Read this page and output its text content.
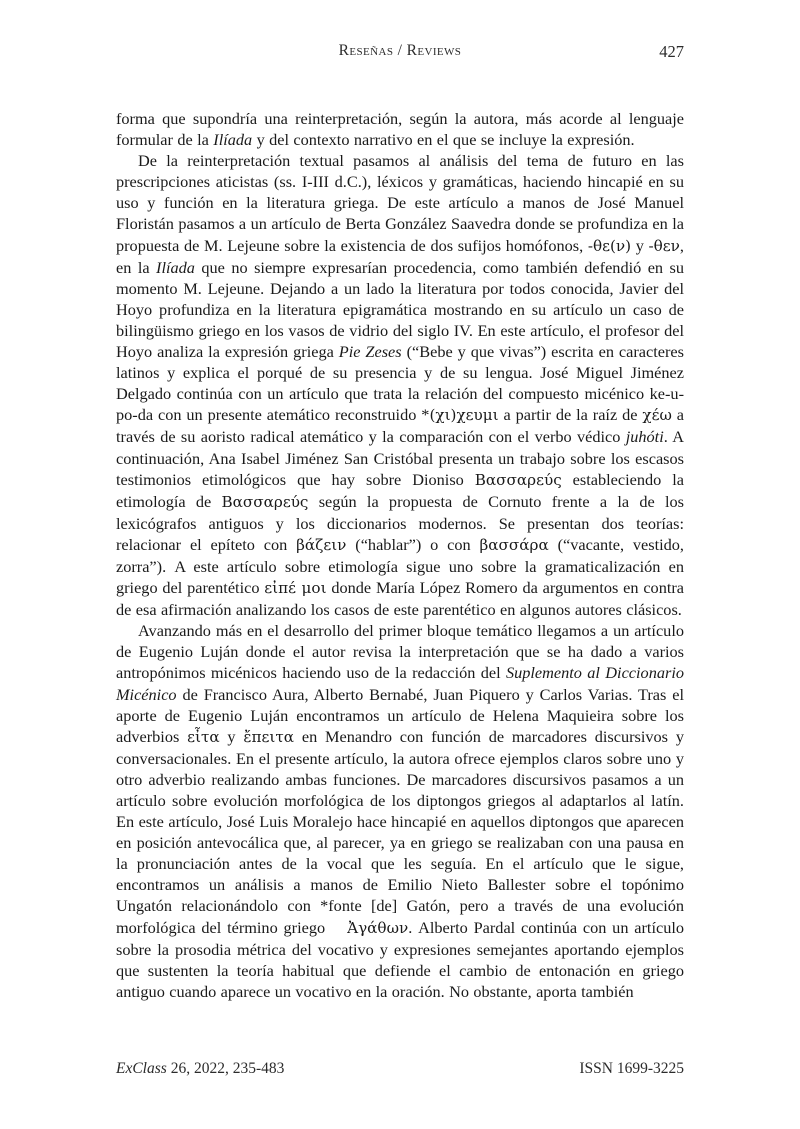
Reseñas / Reviews	427

forma que supondría una reinterpretación, según la autora, más acorde al lenguaje formular de la Ilíada y del contexto narrativo en el que se incluye la expresión.

De la reinterpretación textual pasamos al análisis del tema de futuro en las prescripciones aticistas (ss. I-III d.C.), léxicos y gramáticas, haciendo hincapié en su uso y función en la literatura griega. De este artículo a manos de José Manuel Floristán pasamos a un artículo de Berta González Saavedra donde se profundiza en la propuesta de M. Lejeune sobre la existencia de dos sufijos homófonos, -θε(ν) y -θεν, en la Ilíada que no siempre expresarían procedencia, como también defendió en su momento M. Lejeune. Dejando a un lado la literatura por todos conocida, Javier del Hoyo profundiza en la literatura epigramática mostrando en su artículo un caso de bilingüismo griego en los vasos de vidrio del siglo IV. En este artículo, el profesor del Hoyo analiza la expresión griega Pie Zeses (“Bebe y que vivas”) escrita en caracteres latinos y explica el porqué de su presencia y de su lengua. José Miguel Jiménez Delgado continúa con un artículo que trata la relación del compuesto micénico ke-u-po-da con un presente atemático reconstruido *(χι)χευμι a partir de la raíz de χέω a través de su aoristo radical atemático y la comparación con el verbo védico juhóti. A continuación, Ana Isabel Jiménez San Cristóbal presenta un trabajo sobre los escasos testimonios etimológicos que hay sobre Dioniso Βασσαρεύς estableciendo la etimología de Βασσαρεύς según la propuesta de Cornuto frente a la de los lexicógrafos antiguos y los diccionarios modernos. Se presentan dos teorías: relacionar el epíteto con βάζειν (“hablar”) o con βασσάρα (“vacante, vestido, zorra”). A este artículo sobre etimología sigue uno sobre la gramaticalización en griego del parentético εἰπέ μοι donde María López Romero da argumentos en contra de esa afirmación analizando los casos de este parentético en algunos autores clásicos.

Avanzando más en el desarrollo del primer bloque temático llegamos a un artículo de Eugenio Luján donde el autor revisa la interpretación que se ha dado a varios antropónimos micénicos haciendo uso de la redacción del Suplemento al Diccionario Micénico de Francisco Aura, Alberto Bernabé, Juan Piquero y Carlos Varias. Tras el aporte de Eugenio Luján encontramos un artículo de Helena Maquieira sobre los adverbios εἶτα y ἔπειτα en Menandro con función de marcadores discursivos y conversacionales. En el presente artículo, la autora ofrece ejemplos claros sobre uno y otro adverbio realizando ambas funciones. De marcadores discursivos pasamos a un artículo sobre evolución morfológica de los diptongos griegos al adaptarlos al latín. En este artículo, José Luis Moralejo hace hincapié en aquellos diptongos que aparecen en posición antevocálica que, al parecer, ya en griego se realizaban con una pausa en la pronunciación antes de la vocal que les seguía. En el artículo que le sigue, encontramos un análisis a manos de Emilio Nieto Ballester sobre el topónimo Ungatón relacionándolo con *fonte [de] Gatón, pero a través de una evolución morfológica del término griego Ἀγάθων. Alberto Pardal continúa con un artículo sobre la prosodia métrica del vocativo y expresiones semejantes aportando ejemplos que sustenten la teoría habitual que defiende el cambio de entonación en griego antiguo cuando aparece un vocativo en la oración. No obstante, aporta también

ExClass 26, 2022, 235-483	ISSN 1699-3225
